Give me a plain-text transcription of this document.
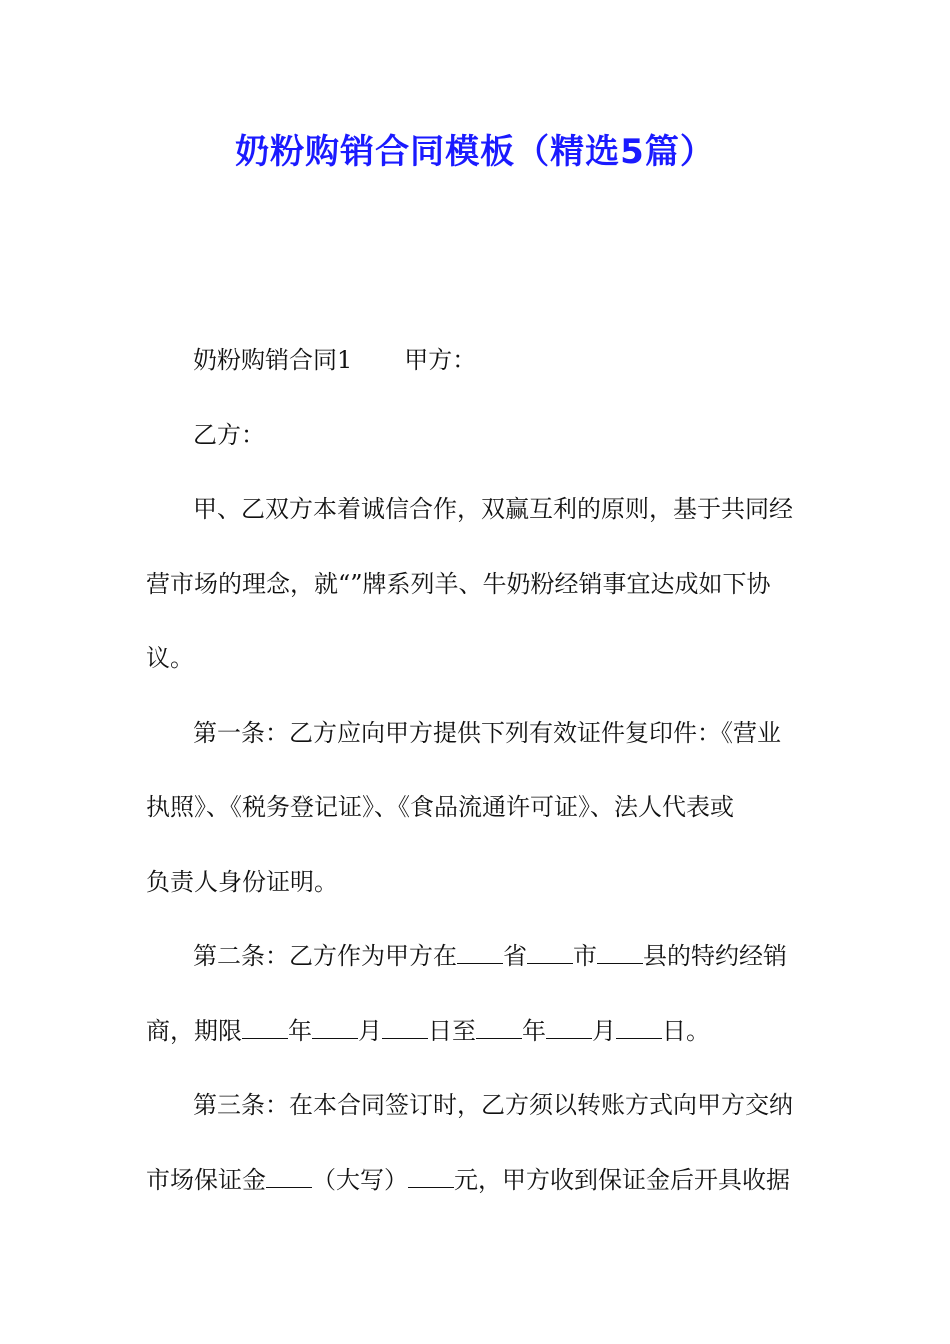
奶粉购销合同模板（精选5篇）

奶粉购销合同1 甲方：

乙方：

甲、乙双方本着诚信合作，双赢互利的原则，基于共同经

营市场的理念，就“”牌系列羊、牛奶粉经销事宜达成如下协

议。

第一条：乙方应向甲方提供下列有效证件复印件：《营业

执照》、《税务登记证》、《食品流通许可证》、法人代表或

负责人身份证明。

第二条：乙方作为甲方在 省 市 县的特约经销

商，期限 年 月 日至 年 月 日。

第三条：在本合同签订时，乙方须以转账方式向甲方交纳

市场保证金 （大写） 元，甲方收到保证金后开具收据
